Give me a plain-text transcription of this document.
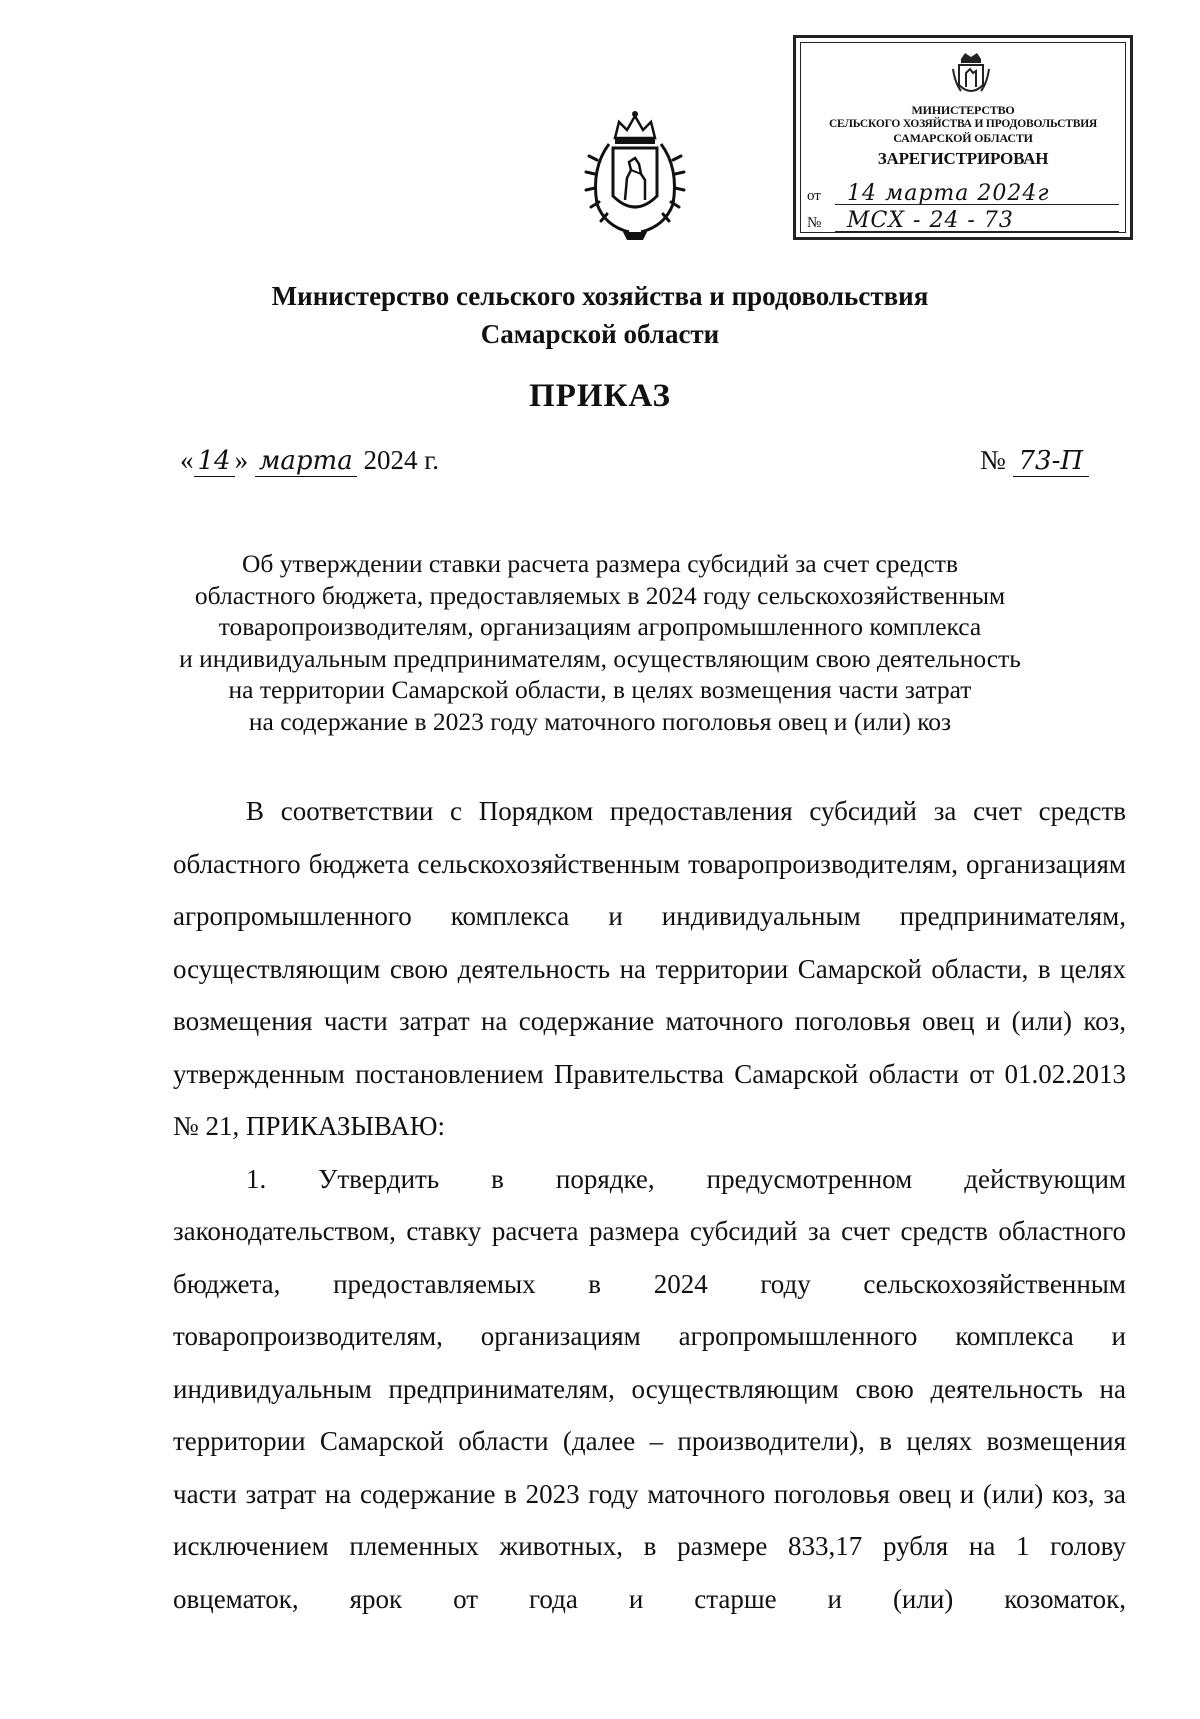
МИНИСТЕРСТВО
СЕЛЬСКОГО ХОЗЯЙСТВА И ПРОДОВОЛЬСТВИЯ
САМАРСКОЙ ОБЛАСТИ
ЗАРЕГИСТРИРОВАН
от 14 марта 2024г
№ МСХ - 24 - 73
Министерство сельского хозяйства и продовольствия
Самарской области
ПРИКАЗ
« 14 » марта 2024 г.	№ 73-П
Об утверждении ставки расчета размера субсидий за счет средств
областного бюджета, предоставляемых в 2024 году сельскохозяйственным
товаропроизводителям, организациям агропромышленного комплекса
и индивидуальным предпринимателям, осуществляющим свою деятельность
на территории Самарской области, в целях возмещения части затрат
на содержание в 2023 году маточного поголовья овец и (или) коз

В соответствии с Порядком предоставления субсидий за счет средств областного бюджета сельскохозяйственным товаропроизводителям, организациям агропромышленного комплекса и индивидуальным предпринимателям, осуществляющим свою деятельность на территории Самарской области, в целях возмещения части затрат на содержание маточного поголовья овец и (или) коз, утвержденным постановлением Правительства Самарской области от 01.02.2013 № 21, ПРИКАЗЫВАЮ:

1. Утвердить в порядке, предусмотренном действующим законодательством, ставку расчета размера субсидий за счет средств областного бюджета, предоставляемых в 2024 году сельскохозяйственным товаропроизводителям, организациям агропромышленного комплекса и индивидуальным предпринимателям, осуществляющим свою деятельность на территории Самарской области (далее – производители), в целях возмещения части затрат на содержание в 2023 году маточного поголовья овец и (или) коз, за исключением племенных животных, в размере 833,17 рубля на 1 голову овцематок, ярок от года и старше и (или) козоматок,
